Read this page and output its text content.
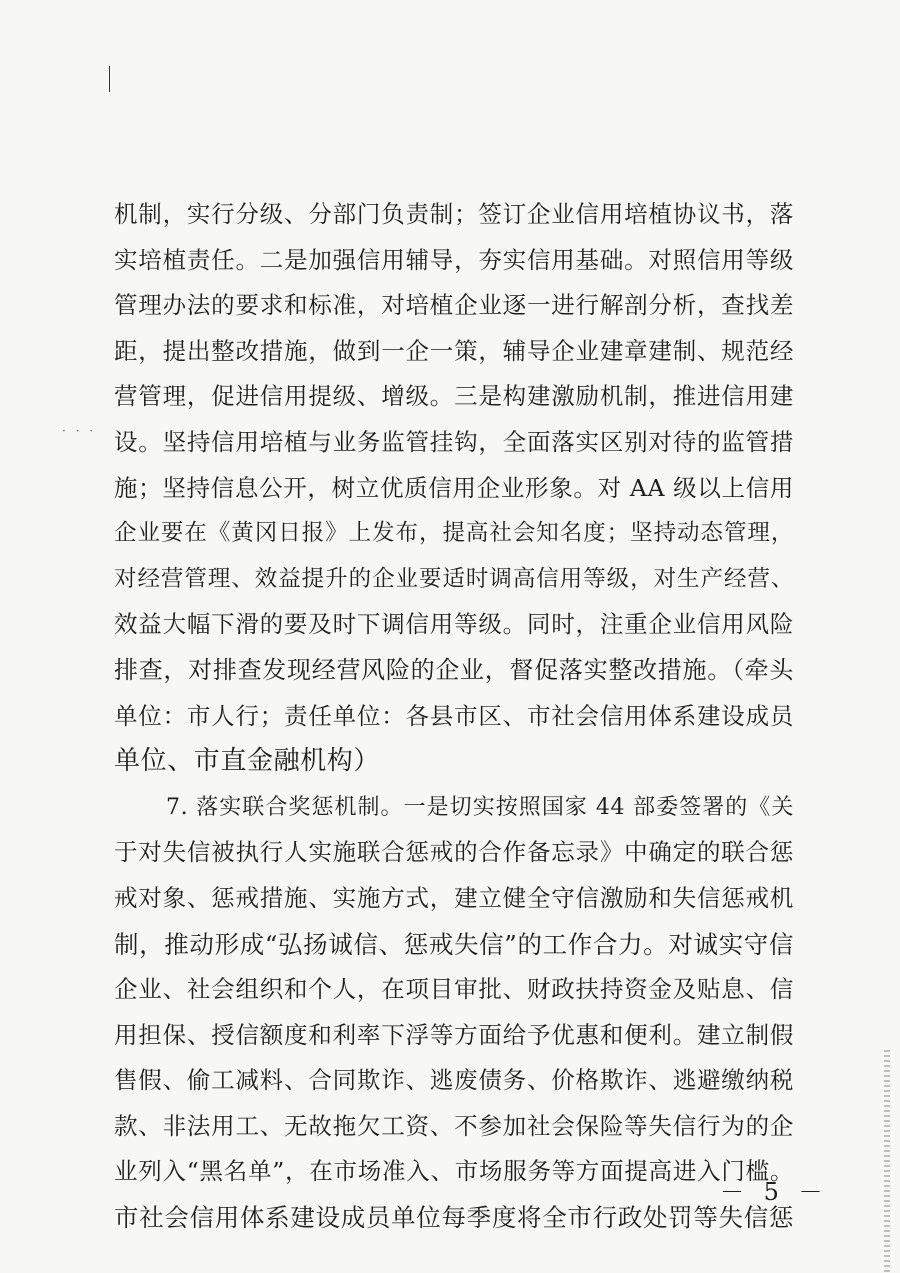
· · ·
机制，实行分级、分部门负责制；签订企业信用培植协议书，落
实培植责任。二是加强信用辅导，夯实信用基础。对照信用等级
管理办法的要求和标准，对培植企业逐一进行解剖分析，查找差
距，提出整改措施，做到一企一策，辅导企业建章建制、规范经
营管理，促进信用提级、增级。三是构建激励机制，推进信用建
设。坚持信用培植与业务监管挂钩，全面落实区别对待的监管措
施；坚持信息公开，树立优质信用企业形象。对 AA 级以上信用
企业要在《黄冈日报》上发布，提高社会知名度；坚持动态管理，
对经营管理、效益提升的企业要适时调高信用等级，对生产经营、
效益大幅下滑的要及时下调信用等级。同时，注重企业信用风险
排查，对排查发现经营风险的企业，督促落实整改措施。（牵头
单位：市人行；责任单位：各县市区、市社会信用体系建设成员
单位、市直金融机构）
7. 落实联合奖惩机制。一是切实按照国家 44 部委签署的《关
于对失信被执行人实施联合惩戒的合作备忘录》中确定的联合惩
戒对象、惩戒措施、实施方式，建立健全守信激励和失信惩戒机
制，推动形成“弘扬诚信、惩戒失信”的工作合力。对诚实守信
企业、社会组织和个人，在项目审批、财政扶持资金及贴息、信
用担保、授信额度和利率下浮等方面给予优惠和便利。建立制假
售假、偷工减料、合同欺诈、逃废债务、价格欺诈、逃避缴纳税
款、非法用工、无故拖欠工资、不参加社会保险等失信行为的企
业列入“黑名单”，在市场准入、市场服务等方面提高进入门槛。
市社会信用体系建设成员单位每季度将全市行政处罚等失信惩
－ 5 －
